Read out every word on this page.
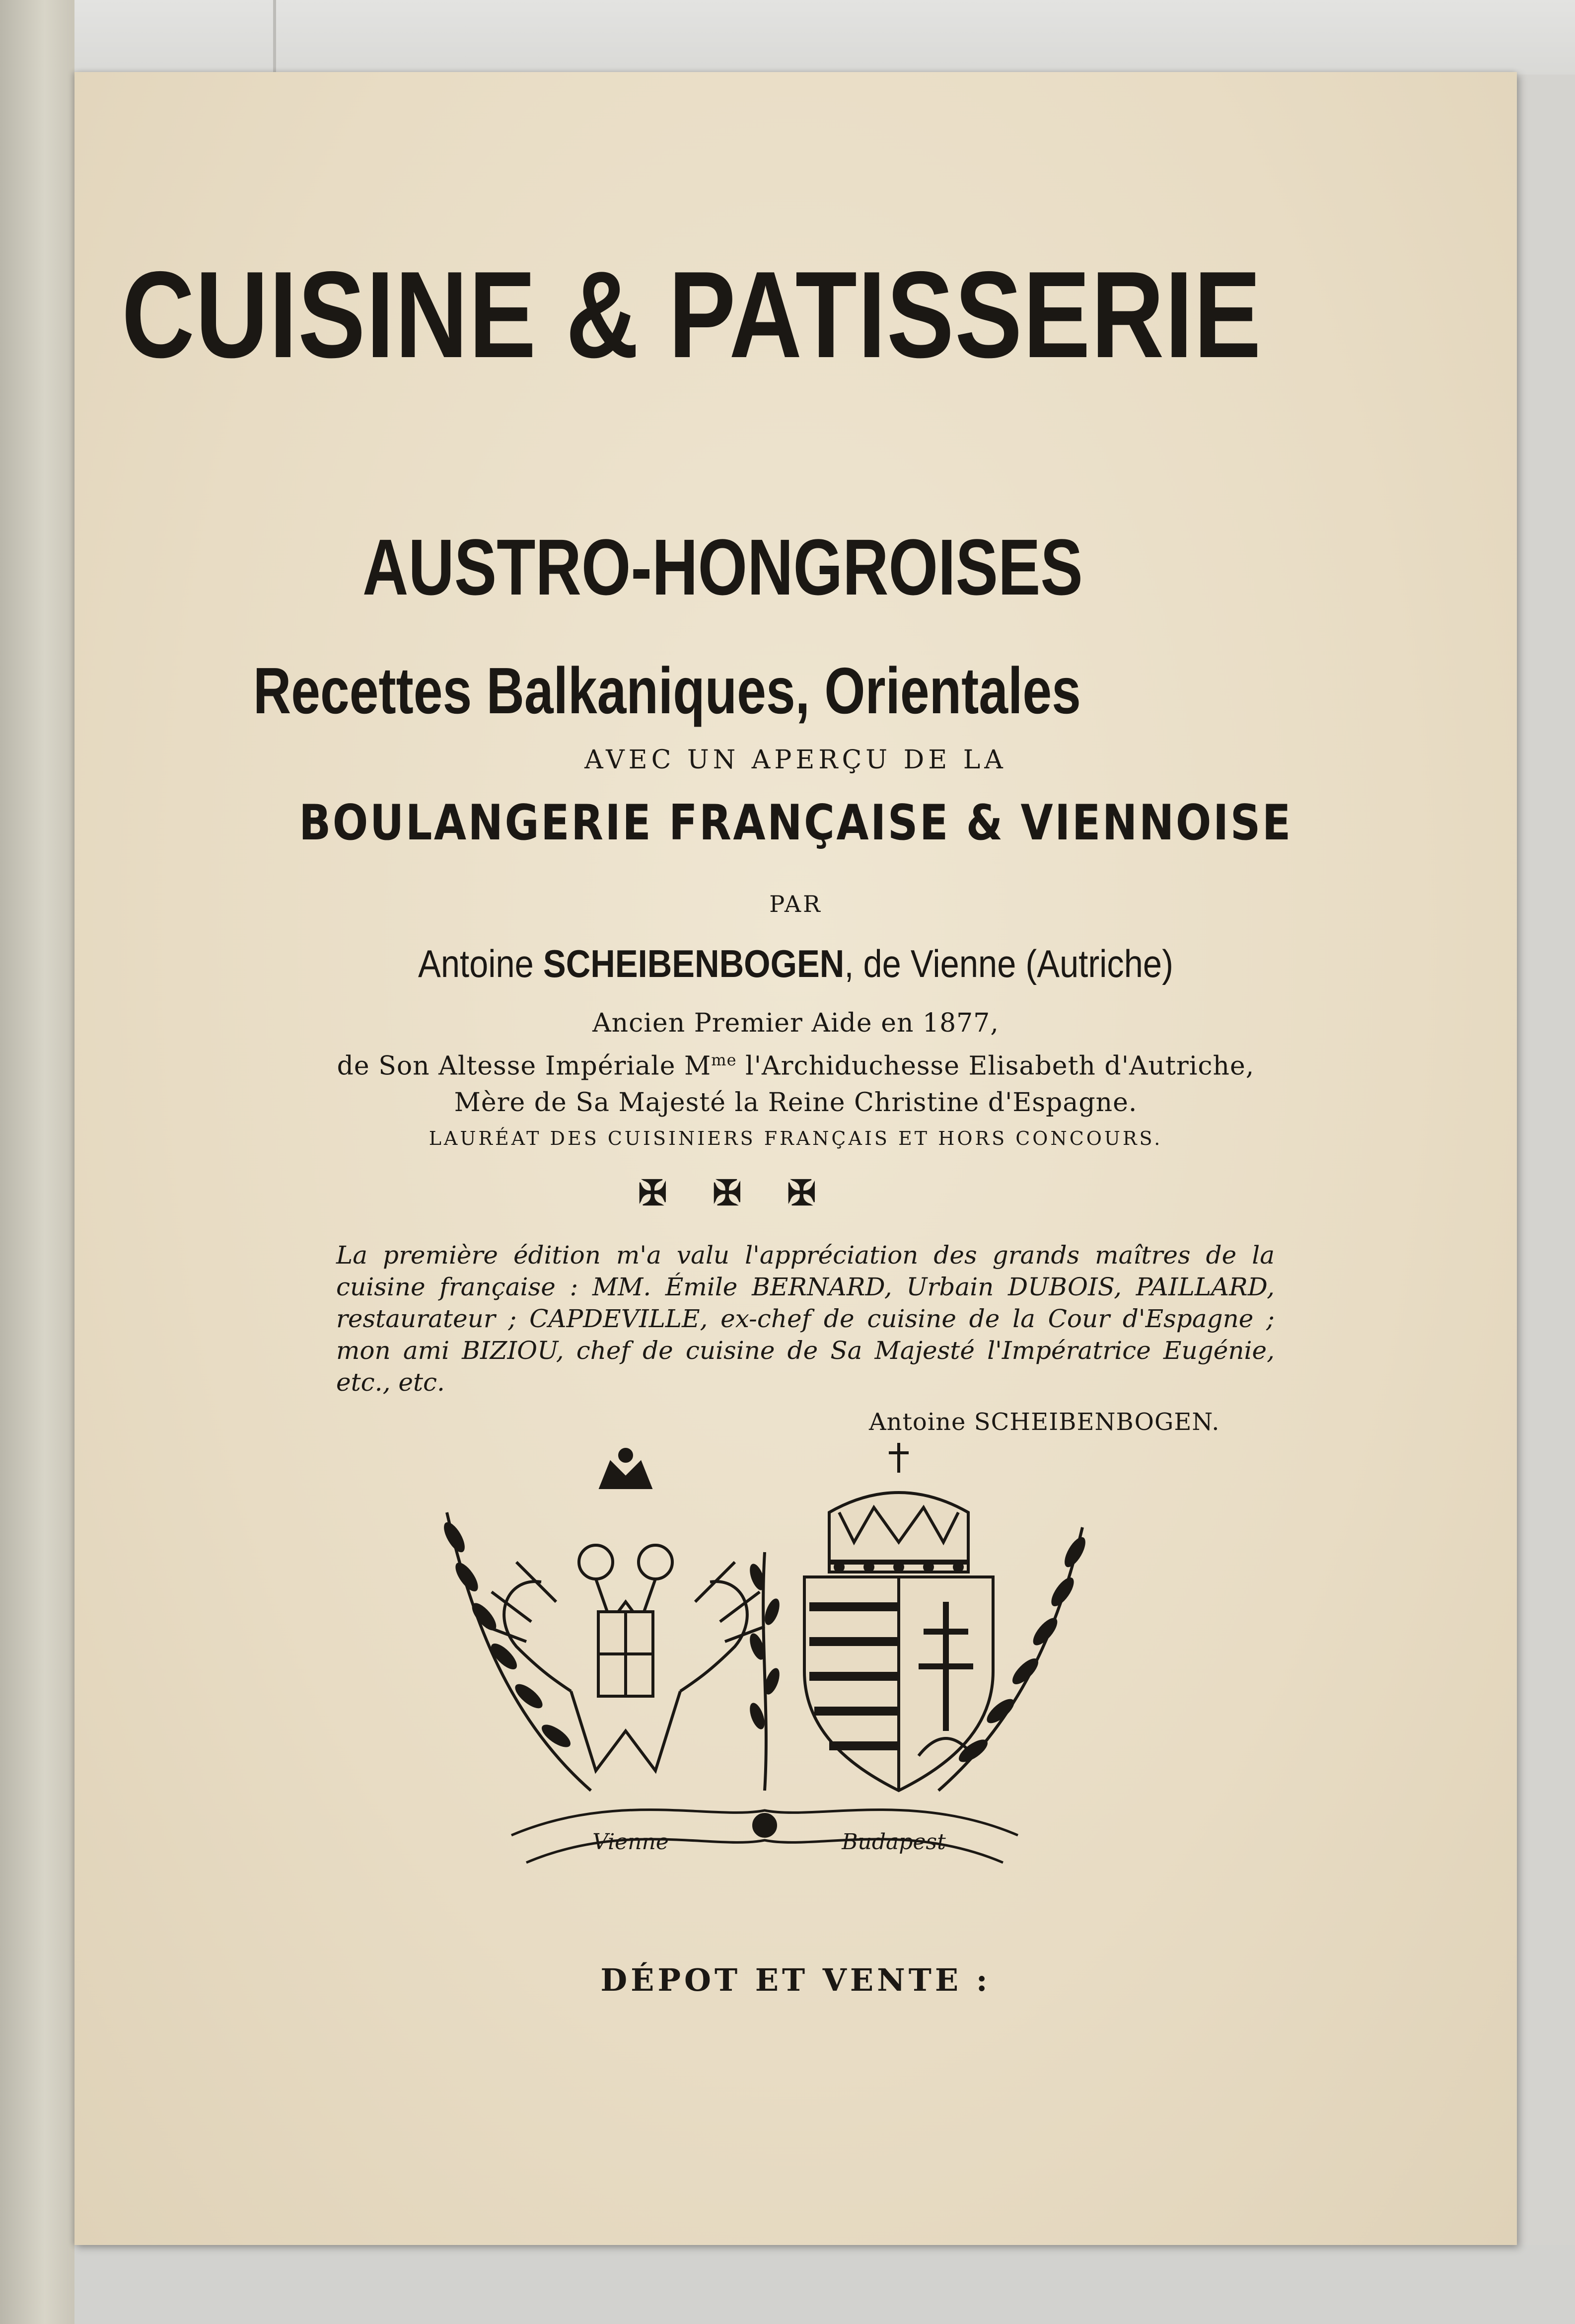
CUISINE & PATISSERIE
AUSTRO-HONGROISES
Recettes Balkaniques, Orientales
AVEC UN APERÇU DE LA
BOULANGERIE FRANÇAISE & VIENNOISE
PAR
Antoine SCHEIBENBOGEN, de Vienne (Autriche)
Ancien Premier Aide en 1877,
de Son Altesse Impériale $M^{me}$ l'Archiduchesse Elisabeth d'Autriche,
Mère de Sa Majesté la Reine Christine d'Espagne.
LAURÉAT DES CUISINIERS FRANÇAIS ET HORS CONCOURS.
✠ ✠ ✠
La première édition m'a valu l'appréciation des grands maîtres de la cuisine française : MM. Émile BERNARD, Urbain DUBOIS, PAILLARD, restaurateur ; CAPDEVILLE, ex-chef de cuisine de la Cour d'Espagne ; mon ami BIZIOU, chef de cuisine de Sa Majesté l'Impératrice Eugénie, etc., etc.
Antoine SCHEIBENBOGEN.
Vienne	Budapest
DÉPOT ET VENTE :
